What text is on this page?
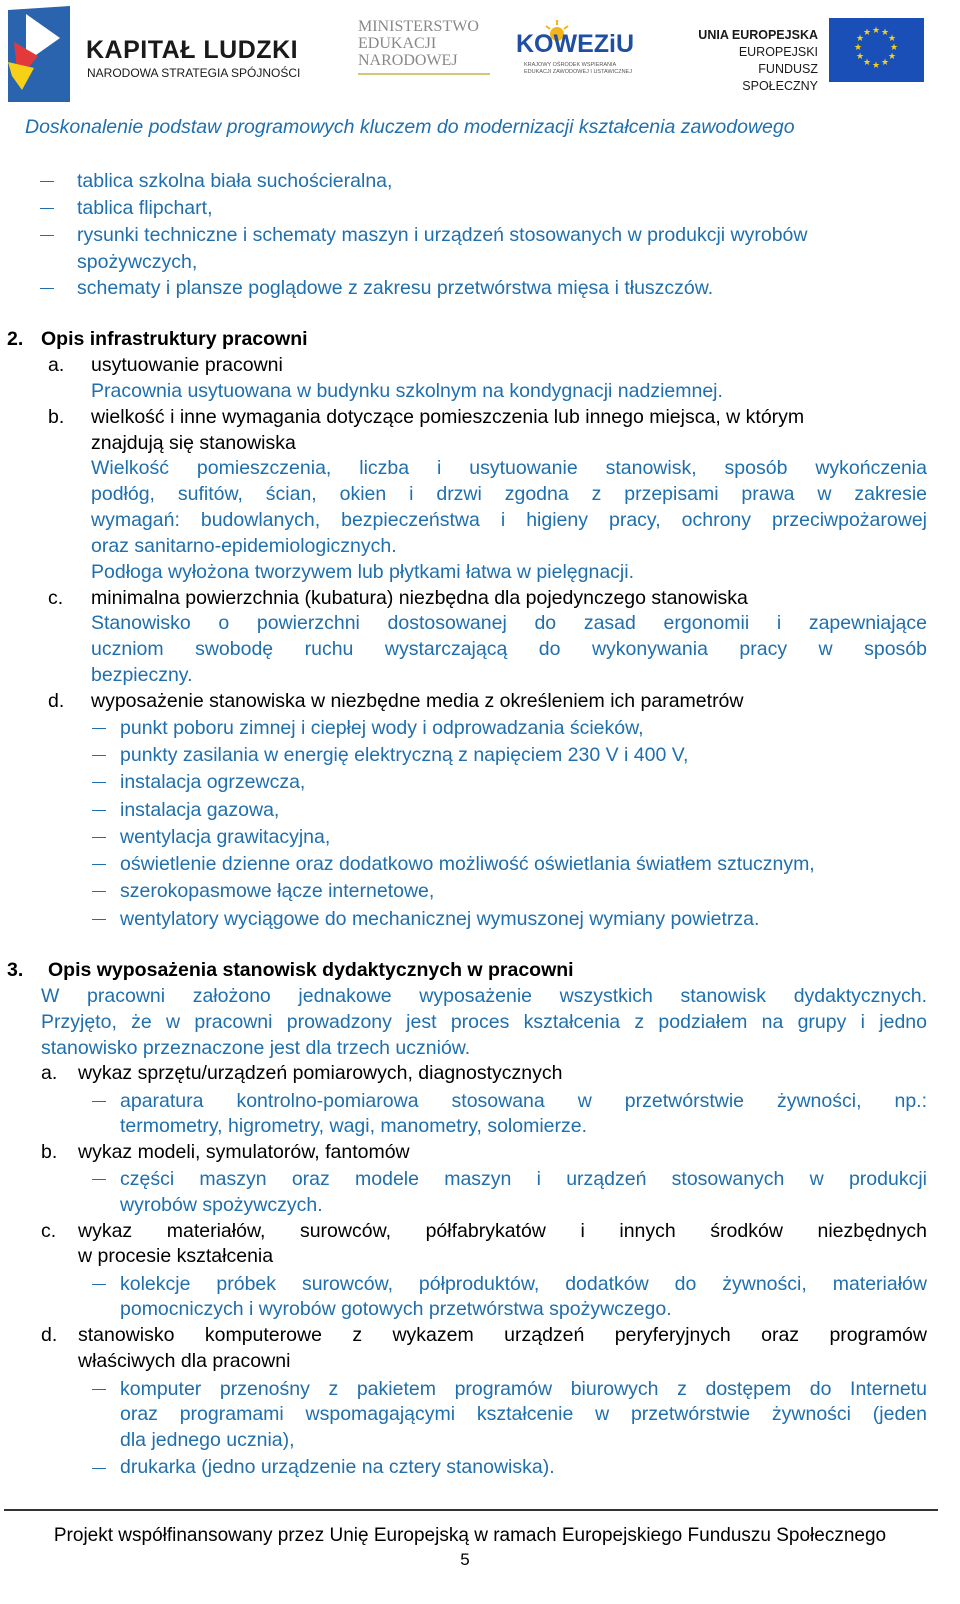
KAPITAŁ LUDZKI
NARODOWA STRATEGIA SPÓJNOŚCI
MINISTERSTWO
EDUKACJI
NARODOWEJ
KOWEZiU
KRAJOWY OŚRODEK WSPIERANIA EDUKACJI ZAWODOWEJ I USTAWICZNEJ
UNIA EUROPEJSKA
EUROPEJSKI
FUNDUSZ SPOŁECZNY
★ ★
★
★
★
★
★
★
★
★
★
★
Doskonalenie podstaw programowych kluczem do modernizacji kształcenia zawodowego
tablica szkolna biała suchościeralna,
tablica flipchart,
rysunki techniczne i schematy maszyn i urządzeń stosowanych w produkcji wyrobów
spożywczych,
schematy i plansze poglądowe z zakresu przetwórstwa mięsa i tłuszczów.
2. Opis infrastruktury pracowni
a. usytuowanie pracowni
Pracownia usytuowana w budynku szkolnym na kondygnacji nadziemnej.
b. wielkość i inne wymagania dotyczące pomieszczenia lub innego miejsca, w którym
znajdują się stanowiska
Wielkość pomieszczenia, liczba i usytuowanie stanowisk, sposób wykończenia
podłóg, sufitów, ścian, okien i drzwi zgodna z przepisami prawa w zakresie
wymagań: budowlanych, bezpieczeństwa i higieny pracy, ochrony przeciwpożarowej
oraz sanitarno-epidemiologicznych.
Podłoga wyłożona tworzywem lub płytkami łatwa w pielęgnacji.
c. minimalna powierzchnia (kubatura) niezbędna dla pojedynczego stanowiska
Stanowisko o powierzchni dostosowanej do zasad ergonomii i zapewniające
uczniom swobodę ruchu wystarczającą do wykonywania pracy w sposób
bezpieczny.
d. wyposażenie stanowiska w niezbędne media z określeniem ich parametrów
punkt poboru zimnej i ciepłej wody i odprowadzania ścieków,
punkty zasilania w energię elektryczną z napięciem 230 V i 400 V,
instalacja ogrzewcza,
instalacja gazowa,
wentylacja grawitacyjna,
oświetlenie dzienne oraz dodatkowo możliwość oświetlania światłem sztucznym,
szerokopasmowe łącze internetowe,
wentylatory wyciągowe do mechanicznej wymuszonej wymiany powietrza.
3. Opis wyposażenia stanowisk dydaktycznych w pracowni
W pracowni założono jednakowe wyposażenie wszystkich stanowisk dydaktycznych.
Przyjęto, że w pracowni prowadzony jest proces kształcenia z podziałem na grupy i jedno
stanowisko przeznaczone jest dla trzech uczniów.
a. wykaz sprzętu/urządzeń pomiarowych, diagnostycznych
aparatura kontrolno-pomiarowa stosowana w przetwórstwie żywności, np.:
termometry, higrometry, wagi, manometry, solomierze.
b. wykaz modeli, symulatorów, fantomów
części maszyn oraz modele maszyn i urządzeń stosowanych w produkcji
wyrobów spożywczych.
c. wykaz materiałów, surowców, półfabrykatów i innych środków niezbędnych
w procesie kształcenia
kolekcje próbek surowców, półproduktów, dodatków do żywności, materiałów
pomocniczych i wyrobów gotowych przetwórstwa spożywczego.
d. stanowisko komputerowe z wykazem urządzeń peryferyjnych oraz programów
właściwych dla pracowni
komputer przenośny z pakietem programów biurowych z dostępem do Internetu
oraz programami wspomagającymi kształcenie w przetwórstwie żywności (jeden
dla jednego ucznia),
drukarka (jedno urządzenie na cztery stanowiska).
Projekt współfinansowany przez Unię Europejską w ramach Europejskiego Funduszu Społecznego
5
